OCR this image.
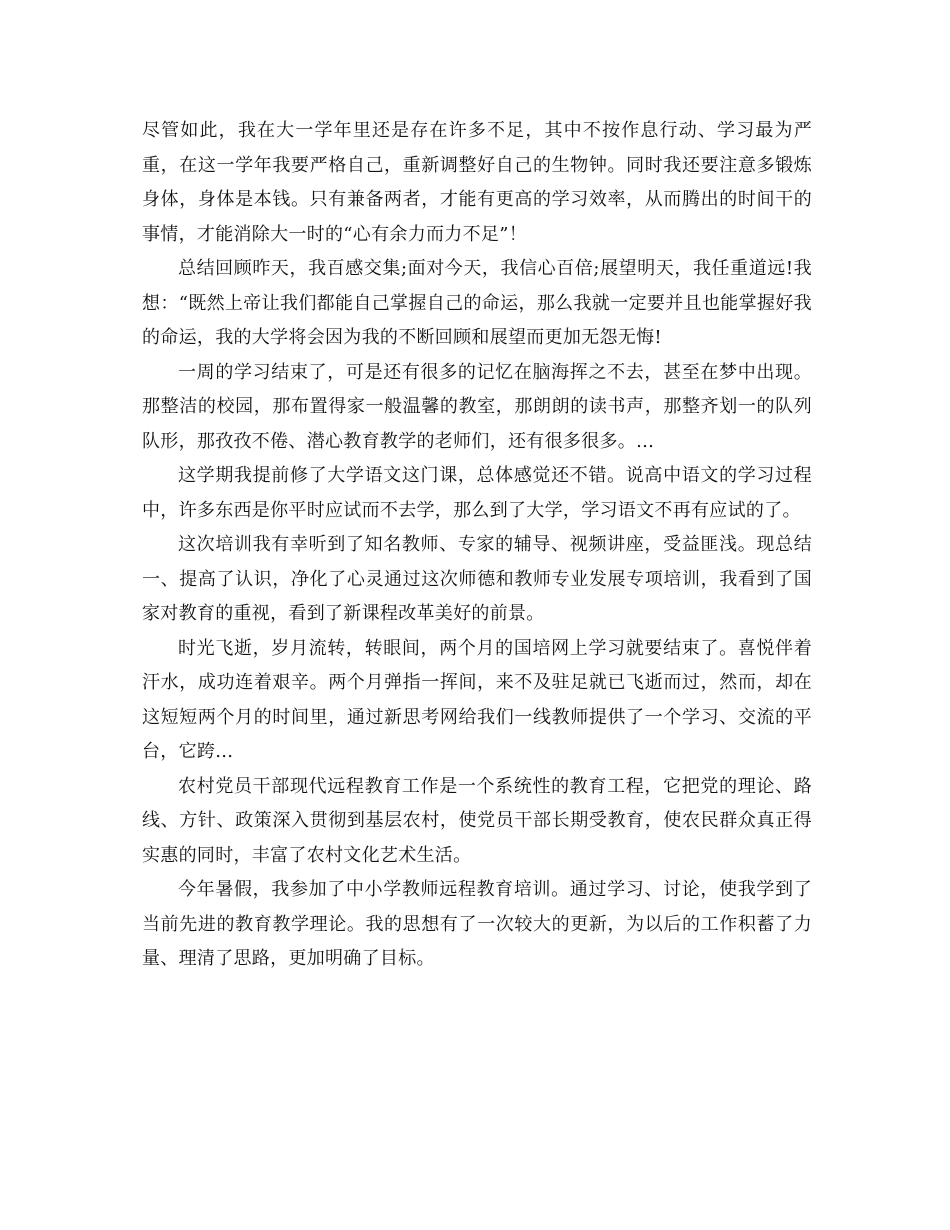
尽管如此，我在大一学年里还是存在许多不足，其中不按作息行动、学习最为严重，在这一学年我要严格自己，重新调整好自己的生物钟。同时我还要注意多锻炼身体，身体是本钱。只有兼备两者，才能有更高的学习效率，从而腾出的时间干的事情，才能消除大一时的“心有余力而力不足”！

总结回顾昨天，我百感交集;面对今天，我信心百倍;展望明天，我任重道远!我想：“既然上帝让我们都能自己掌握自己的命运，那么我就一定要并且也能掌握好我的命运，我的大学将会因为我的不断回顾和展望而更加无怨无悔!

一周的学习结束了，可是还有很多的记忆在脑海挥之不去，甚至在梦中出现。那整洁的校园，那布置得家一般温馨的教室，那朗朗的读书声，那整齐划一的队列队形，那孜孜不倦、潜心教育教学的老师们，还有很多很多。...

这学期我提前修了大学语文这门课，总体感觉还不错。说高中语文的学习过程中，许多东西是你平时应试而不去学，那么到了大学，学习语文不再有应试的了。

这次培训我有幸听到了知名教师、专家的辅导、视频讲座，受益匪浅。现总结一、提高了认识，净化了心灵通过这次师德和教师专业发展专项培训，我看到了国家对教育的重视，看到了新课程改革美好的前景。

时光飞逝，岁月流转，转眼间，两个月的国培网上学习就要结束了。喜悦伴着汗水，成功连着艰辛。两个月弹指一挥间，来不及驻足就已飞逝而过，然而，却在这短短两个月的时间里，通过新思考网给我们一线教师提供了一个学习、交流的平台，它跨...

农村党员干部现代远程教育工作是一个系统性的教育工程，它把党的理论、路线、方针、政策深入贯彻到基层农村，使党员干部长期受教育，使农民群众真正得实惠的同时，丰富了农村文化艺术生活。

今年暑假，我参加了中小学教师远程教育培训。通过学习、讨论，使我学到了当前先进的教育教学理论。我的思想有了一次较大的更新，为以后的工作积蓄了力量、理清了思路，更加明确了目标。
